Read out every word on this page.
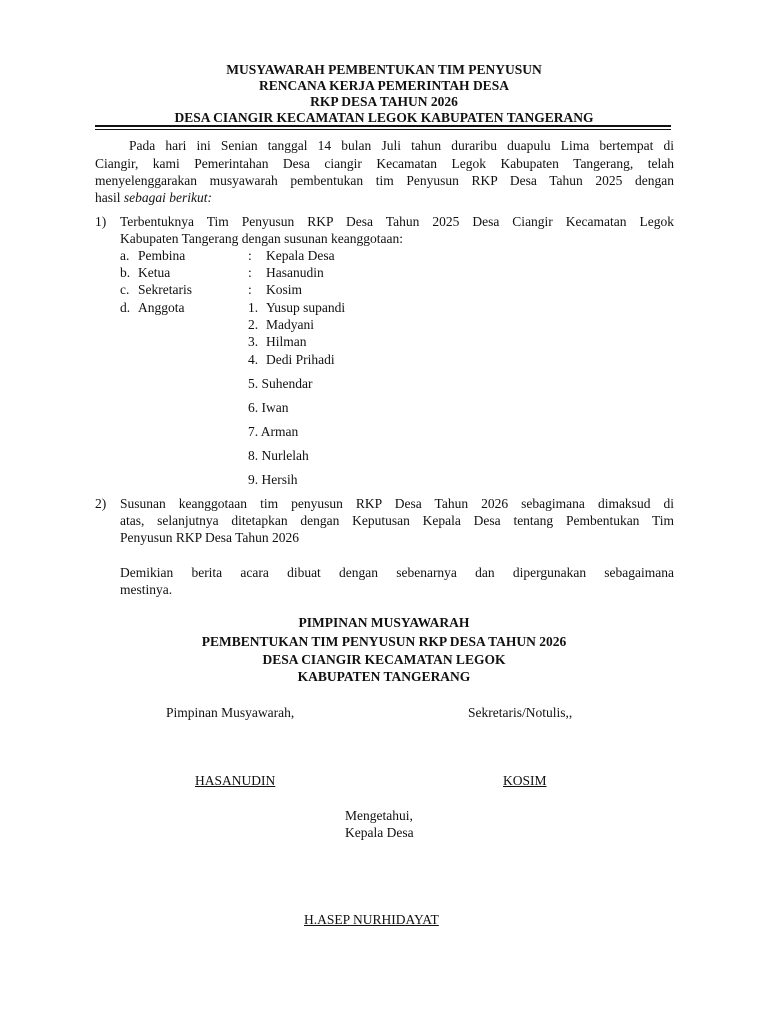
MUSYAWARAH PEMBENTUKAN TIM PENYUSUN
RENCANA KERJA PEMERINTAH DESA
RKP DESA TAHUN 2026
DESA CIANGIR KECAMATAN LEGOK KABUPATEN TANGERANG
Pada hari ini Senian tanggal 14 bulan Juli tahun duraribu duapulu Lima bertempat di
Ciangir, kami Pemerintahan Desa ciangir Kecamatan Legok Kabupaten Tangerang, telah
menyelenggarakan musyawarah pembentukan tim Penyusun RKP Desa Tahun 2025 dengan
hasil sebagai berikut:
1) Terbentuknya Tim Penyusun RKP Desa Tahun 2025 Desa Ciangir Kecamatan Legok
Kabupaten Tangerang dengan susunan keanggotaan:
a. Pembina	: Kepala Desa
b. Ketua	: Hasanudin
c. Sekretaris	: Kosim
d. Anggota	1. Yusup supandi
2. Madyani
3. Hilman
4. Dedi Prihadi
5. Suhendar
6. Iwan
7. Arman
8. Nurlelah
9. Hersih
2) Susunan keanggotaan tim penyusun RKP Desa Tahun 2026 sebagimana dimaksud di
atas, selanjutnya ditetapkan dengan Keputusan Kepala Desa tentang Pembentukan Tim
Penyusun RKP Desa Tahun 2026
Demikian berita acara dibuat dengan sebenarnya dan dipergunakan sebagaimana
mestinya.
PIMPINAN MUSYAWARAH
PEMBENTUKAN TIM PENYUSUN RKP DESA TAHUN 2026
DESA CIANGIR KECAMATAN LEGOK
KABUPATEN TANGERANG
Pimpinan Musyawarah,	Sekretaris/Notulis,,
HASANUDIN	KOSIM
Mengetahui,
Kepala Desa
H.ASEP NURHIDAYAT
